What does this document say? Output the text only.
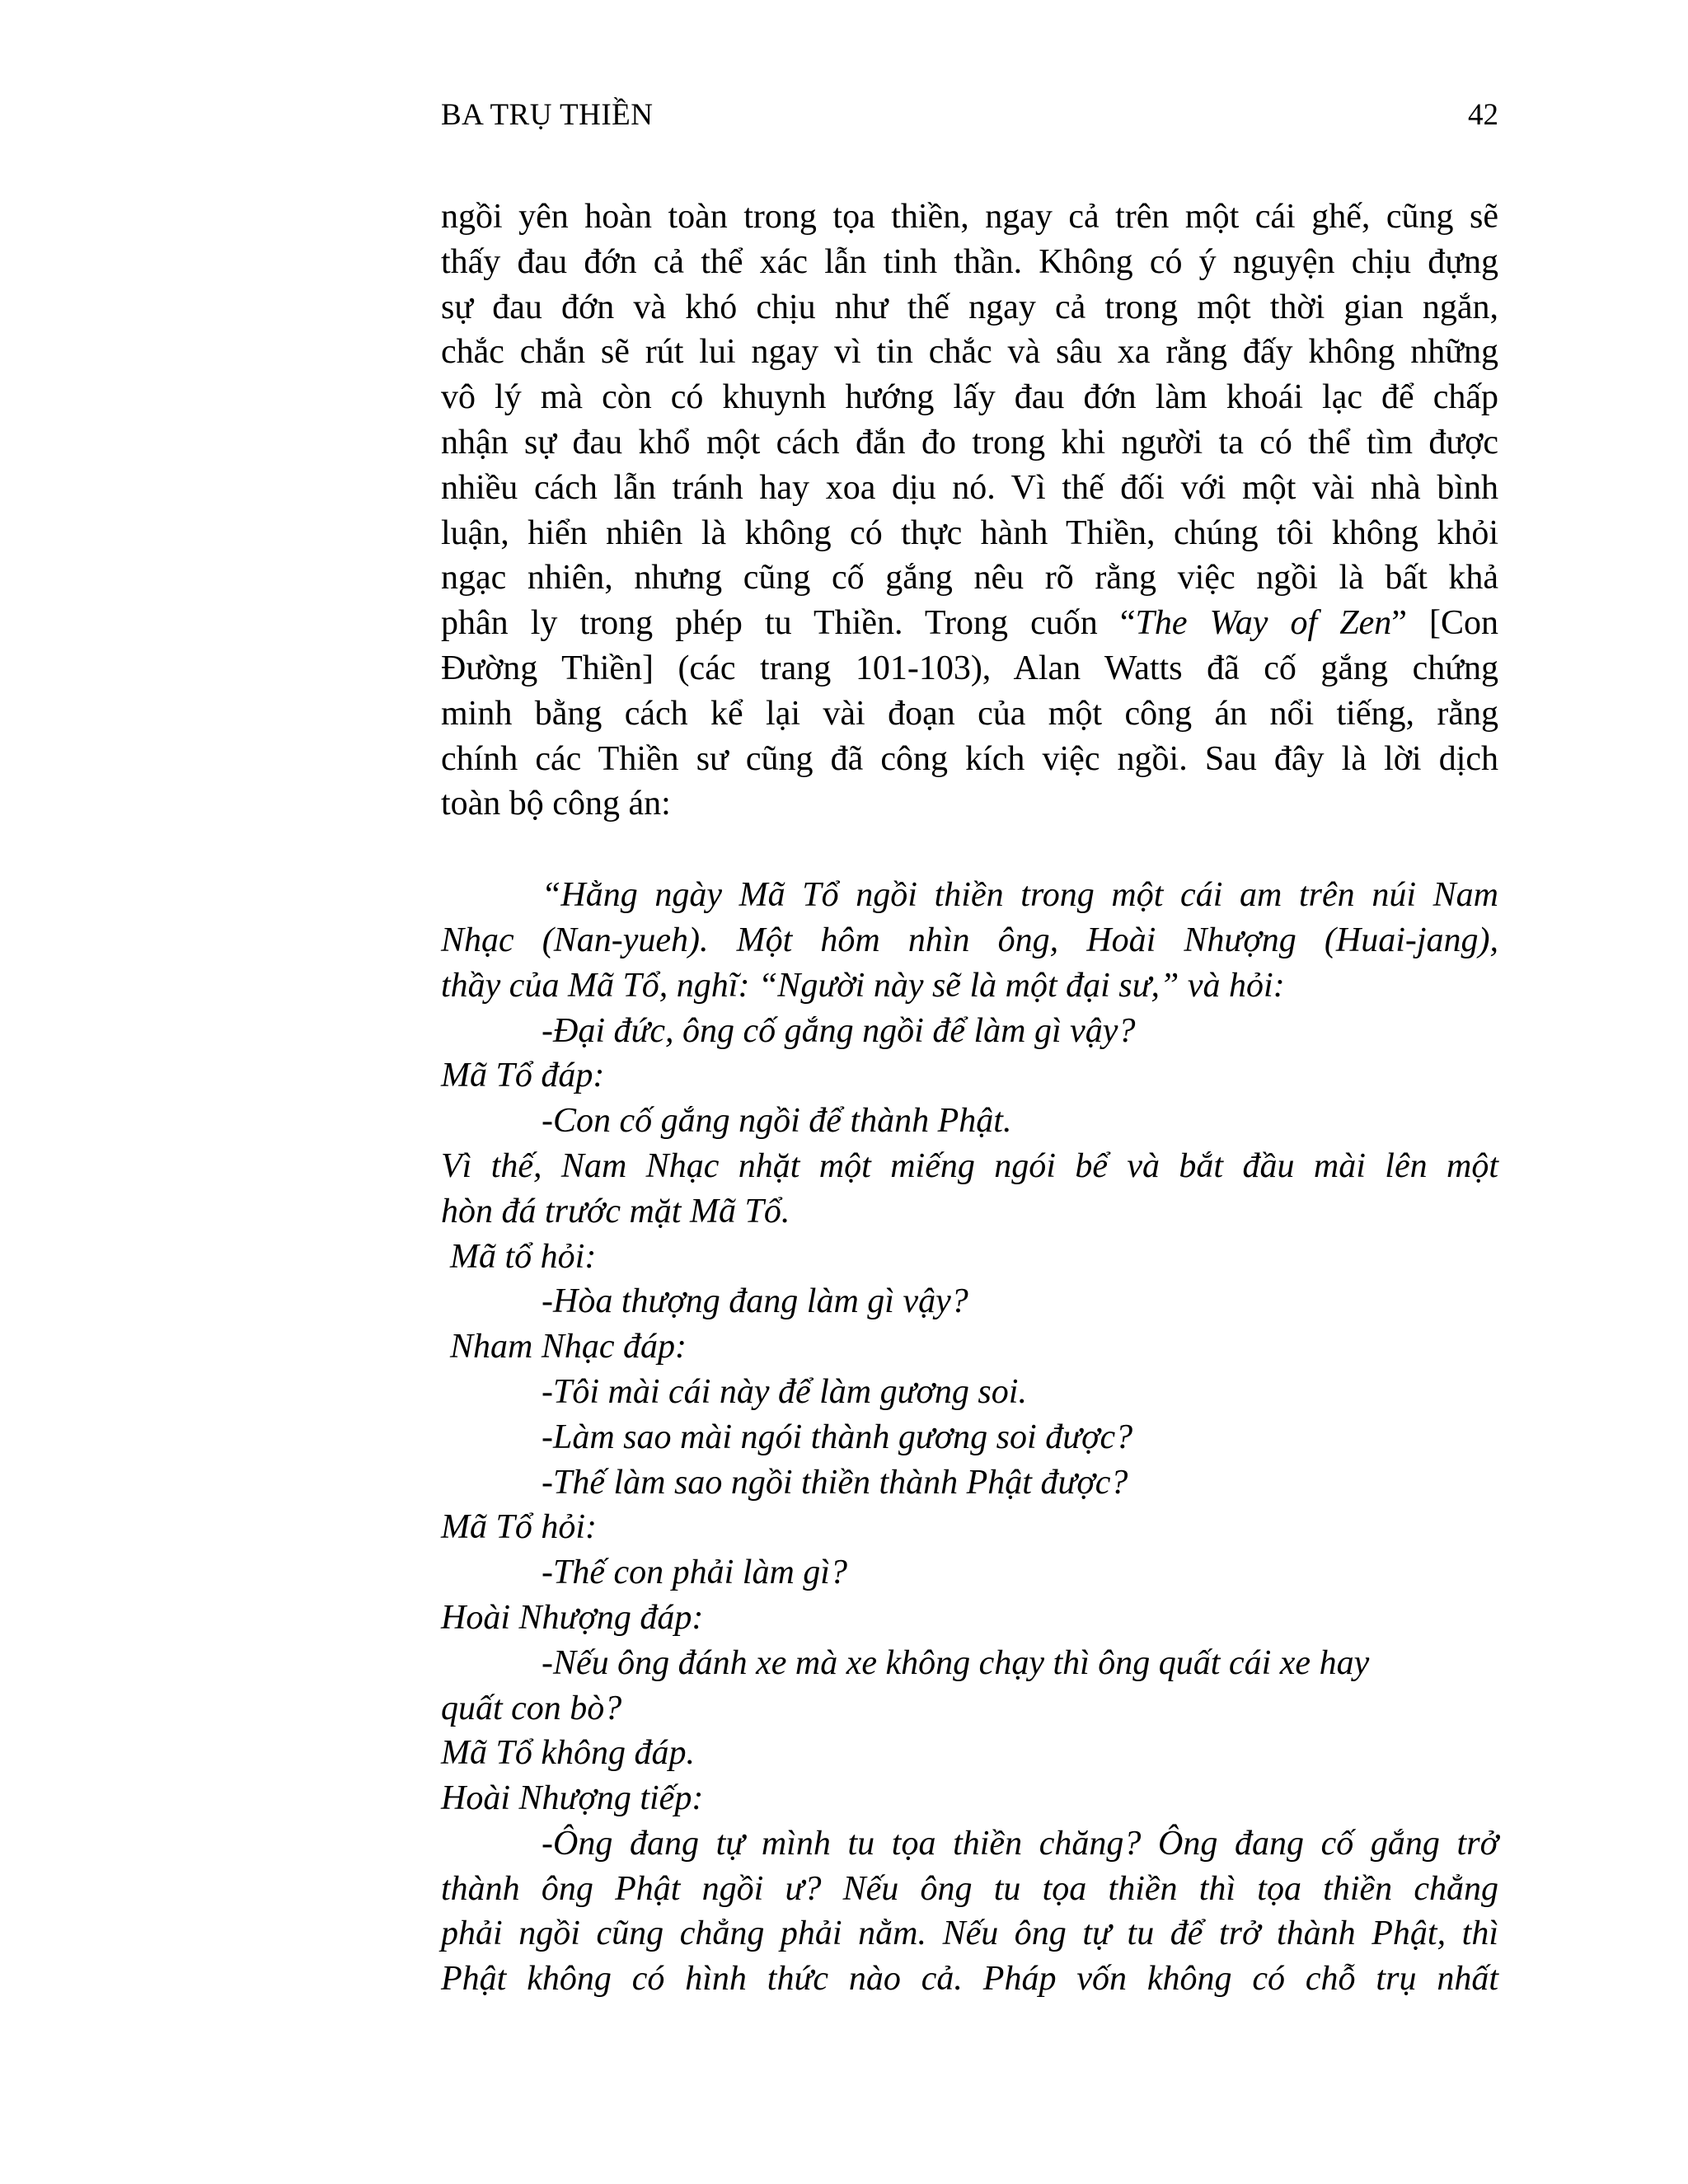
BA TRỤ THIỀN	42
ngồi yên hoàn toàn trong tọa thiền, ngay cả trên một cái ghế, cũng sẽ
thấy đau đớn cả thể xác lẫn tinh thần. Không có ý nguyện chịu đựng
sự đau đớn và khó chịu như thế ngay cả trong một thời gian ngắn,
chắc chắn sẽ rút lui ngay vì tin chắc và sâu xa rằng đấy không những
vô lý mà còn có khuynh hướng lấy đau đớn làm khoái lạc để chấp
nhận sự đau khổ một cách đắn đo trong khi người ta có thể tìm được
nhiều cách lẫn tránh hay xoa dịu nó. Vì thế đối với một vài nhà bình
luận, hiển nhiên là không có thực hành Thiền, chúng tôi không khỏi
ngạc nhiên, nhưng cũng cố gắng nêu rõ rằng việc ngồi là bất khả
phân ly trong phép tu Thiền. Trong cuốn “The Way of Zen” [Con
Đường Thiền] (các trang 101-103), Alan Watts đã cố gắng chứng
minh bằng cách kể lại vài đoạn của một công án nổi tiếng, rằng
chính các Thiền sư cũng đã công kích việc ngồi. Sau đây là lời dịch
toàn bộ công án:
“Hằng ngày Mã Tổ ngồi thiền trong một cái am trên núi Nam
Nhạc (Nan-yueh). Một hôm nhìn ông, Hoài Nhượng (Huai-jang),
thầy của Mã Tổ, nghĩ: “Người này sẽ là một đại sư,” và hỏi:
-Đại đức, ông cố gắng ngồi để làm gì vậy?
Mã Tổ đáp:
-Con cố gắng ngồi để thành Phật.
Vì thế, Nam Nhạc nhặt một miếng ngói bể và bắt đầu mài lên một
hòn đá trước mặt Mã Tổ.
Mã tổ hỏi:
-Hòa thượng đang làm gì vậy?
Nham Nhạc đáp:
-Tôi mài cái này để làm gương soi.
-Làm sao mài ngói thành gương soi được?
-Thế làm sao ngồi thiền thành Phật được?
Mã Tổ hỏi:
-Thế con phải làm gì?
Hoài Nhượng đáp:
-Nếu ông đánh xe mà xe không chạy thì ông quất cái xe hay
quất con bò?
Mã Tổ không đáp.
Hoài Nhượng tiếp:
-Ông đang tự mình tu tọa thiền chăng? Ông đang cố gắng trở
thành ông Phật ngồi ư? Nếu ông tu tọa thiền thì tọa thiền chẳng
phải ngồi cũng chẳng phải nằm. Nếu ông tự tu để trở thành Phật, thì
Phật không có hình thức nào cả. Pháp vốn không có chỗ trụ nhất
